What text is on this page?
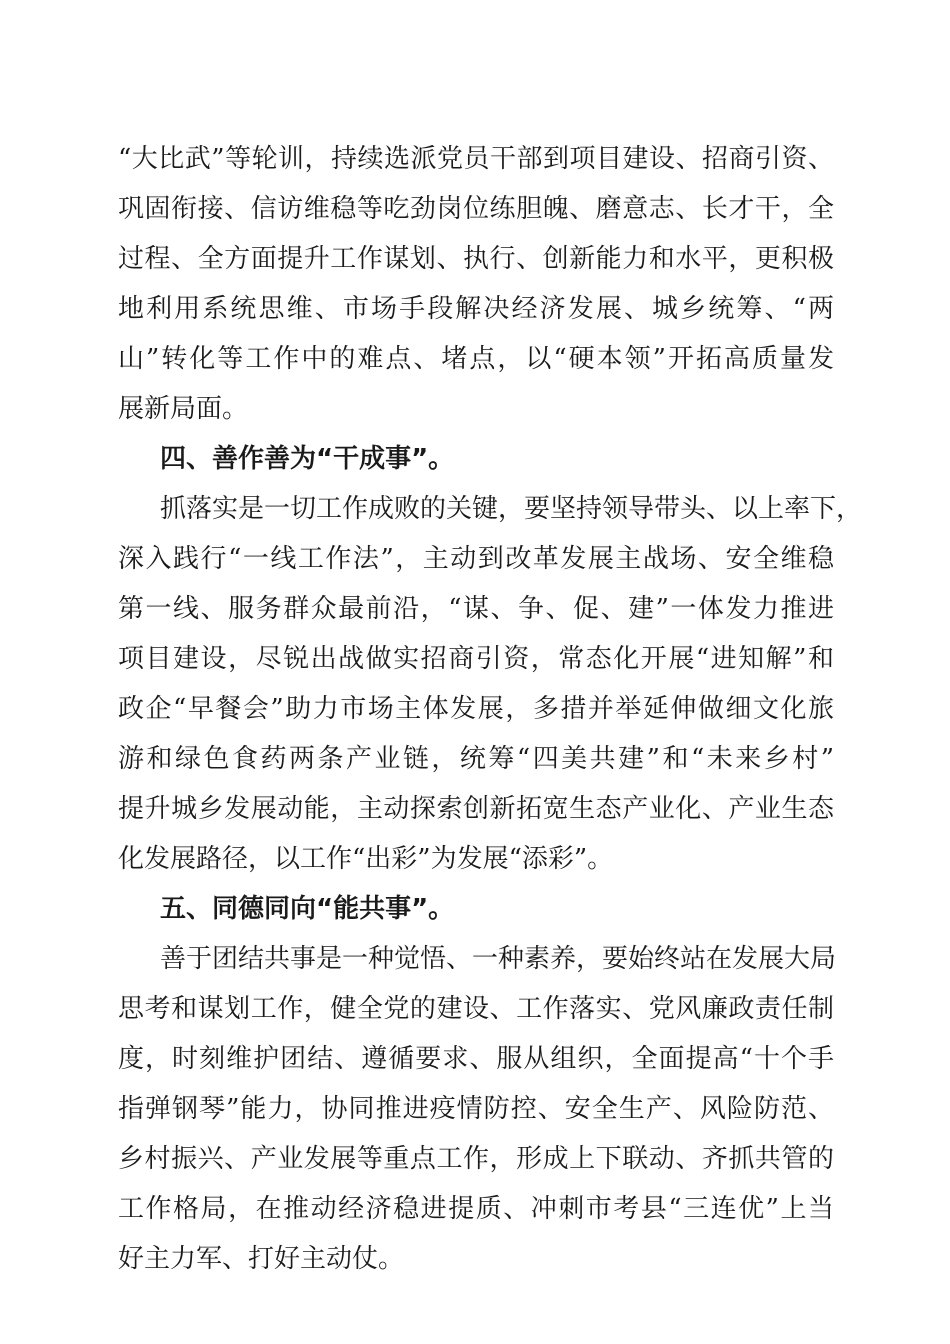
“大比武”等轮训，持续选派党员干部到项目建设、招商引资、
巩固衔接、信访维稳等吃劲岗位练胆魄、磨意志、长才干，全
过程、全方面提升工作谋划、执行、创新能力和水平，更积极
地利用系统思维、市场手段解决经济发展、城乡统筹、“两
山”转化等工作中的难点、堵点，以“硬本领”开拓高质量发
展新局面。
四、善作善为“干成事”。
抓落实是一切工作成败的关键，要坚持领导带头、以上率下，
深入践行“一线工作法”，主动到改革发展主战场、安全维稳
第一线、服务群众最前沿，“谋、争、促、建”一体发力推进
项目建设，尽锐出战做实招商引资，常态化开展“进知解”和
政企“早餐会”助力市场主体发展，多措并举延伸做细文化旅
游和绿色食药两条产业链，统筹“四美共建”和“未来乡村”
提升城乡发展动能，主动探索创新拓宽生态产业化、产业生态
化发展路径，以工作“出彩”为发展“添彩”。
五、同德同向“能共事”。
善于团结共事是一种觉悟、一种素养，要始终站在发展大局
思考和谋划工作，健全党的建设、工作落实、党风廉政责任制
度，时刻维护团结、遵循要求、服从组织，全面提高“十个手
指弹钢琴”能力，协同推进疫情防控、安全生产、风险防范、
乡村振兴、产业发展等重点工作，形成上下联动、齐抓共管的
工作格局，在推动经济稳进提质、冲刺市考县“三连优”上当
好主力军、打好主动仗。
